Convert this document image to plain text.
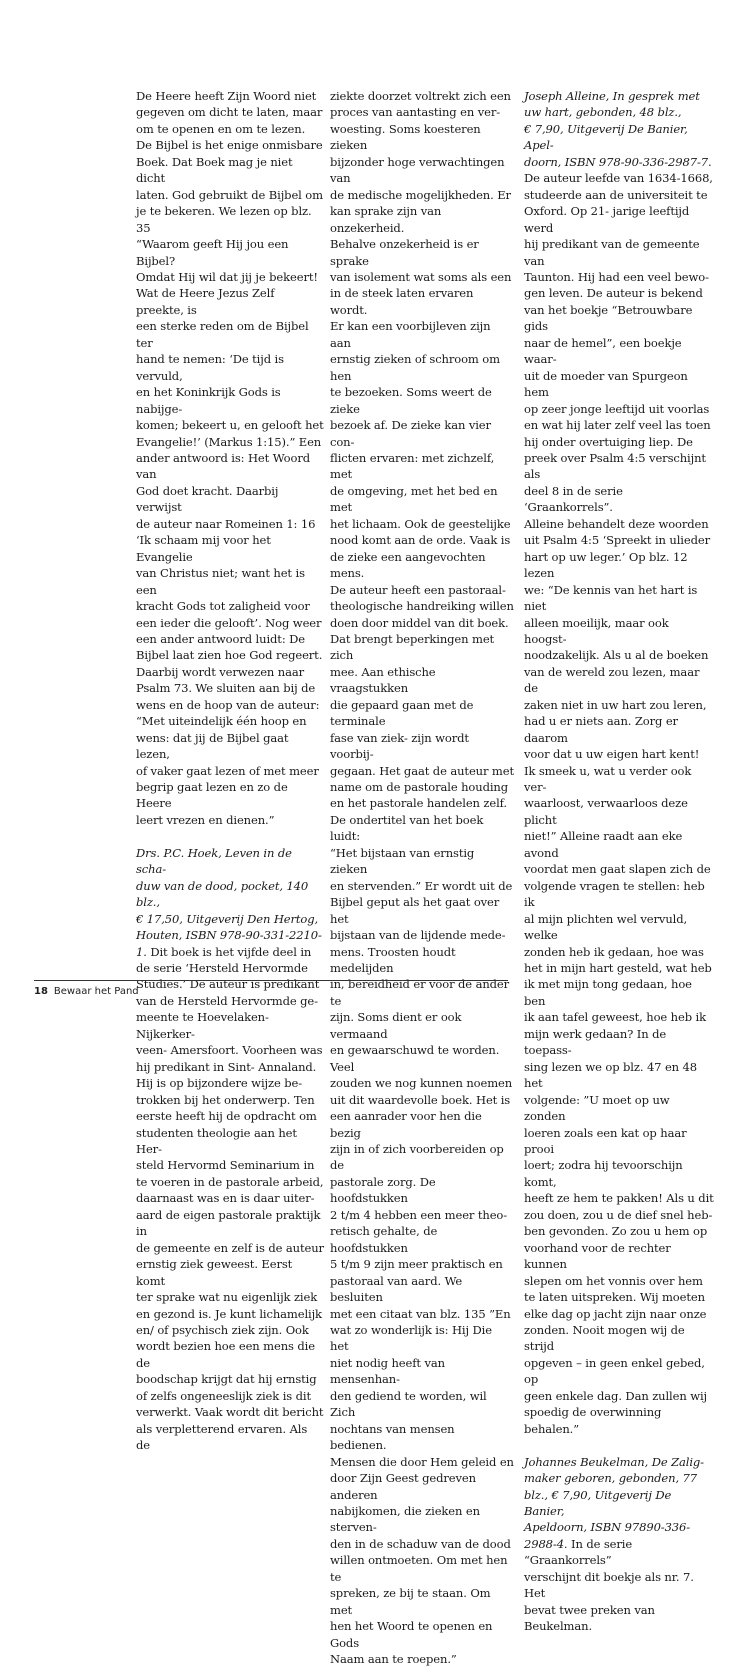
De Heere heeft Zijn Woord niet
gegeven om dicht te laten, maar
om te openen en om te lezen.
De Bijbel is het enige onmisbare
Boek. Dat Boek mag je niet dicht
laten. God gebruikt de Bijbel om
je te bekeren. We lezen op blz. 35
“Waarom geeft Hij jou een Bijbel?
Omdat Hij wil dat jij je bekeert!
Wat de Heere Jezus Zelf preekte, is
een sterke reden om de Bijbel ter
hand te nemen: ‘De tijd is vervuld,
en het Koninkrijk Gods is nabijge-
komen; bekeert u, en gelooft het
Evangelie!’ (Markus 1:15).” Een
ander antwoord is: Het Woord van
God doet kracht. Daarbij verwijst
de auteur naar Romeinen 1: 16
‘Ik schaam mij voor het Evangelie
van Christus niet; want het is een
kracht Gods tot zaligheid voor
een ieder die gelooft’. Nog weer
een ander antwoord luidt: De
Bijbel laat zien hoe God regeert.
Daarbij wordt verwezen naar
Psalm 73. We sluiten aan bij de
wens en de hoop van de auteur:
“Met uiteindelijk één hoop en
wens: dat jij de Bijbel gaat lezen,
of vaker gaat lezen of met meer
begrip gaat lezen en zo de Heere
leert vrezen en dienen.”

Drs. P.C. Hoek, Leven in de scha-
duw van de dood, pocket, 140 blz.,
€ 17,50, Uitgeverij Den Hertog,
Houten, ISBN 978-90-331-2210-
1. Dit boek is het vijfde deel in
de serie ‘Hersteld Hervormde
Studies.’ De auteur is predikant
van de Hersteld Hervormde ge-
meente te Hoevelaken- Nijkerker-
veen- Amersfoort. Voorheen was
hij predikant in Sint- Annaland.
Hij is op bijzondere wijze be-
trokken bij het onderwerp. Ten
eerste heeft hij de opdracht om
studenten theologie aan het Her-
steld Hervormd Seminarium in
te voeren in de pastorale arbeid,
daarnaast was en is daar uiter-
aard de eigen pastorale praktijk in
de gemeente en zelf is de auteur
ernstig ziek geweest. Eerst komt
ter sprake wat nu eigenlijk ziek
en gezond is. Je kunt lichamelijk
en/ of psychisch ziek zijn. Ook
wordt bezien hoe een mens die de
boodschap krijgt dat hij ernstig
of zelfs ongeneeslijk ziek is dit
verwerkt. Vaak wordt dit bericht
als verpletterend ervaren. Als de

ziekte doorzet voltrekt zich een
proces van aantasting en ver-
woesting. Soms koesteren zieken
bijzonder hoge verwachtingen van
de medische mogelijkheden. Er
kan sprake zijn van onzekerheid.
Behalve onzekerheid is er sprake
van isolement wat soms als een
in de steek laten ervaren wordt.
Er kan een voorbijleven zijn aan
ernstig zieken of schroom om hen
te bezoeken. Soms weert de zieke
bezoek af. De zieke kan vier con-
flicten ervaren: met zichzelf, met
de omgeving, met het bed en met
het lichaam. Ook de geestelijke
nood komt aan de orde. Vaak is
de zieke een aangevochten mens.
De auteur heeft een pastoraal-
theologische handreiking willen
doen door middel van dit boek.
Dat brengt beperkingen met zich
mee. Aan ethische vraagstukken
die gepaard gaan met de terminale
fase van ziek- zijn wordt voorbij-
gegaan. Het gaat de auteur met
name om de pastorale houding
en het pastorale handelen zelf.
De ondertitel van het boek luidt:
“Het bijstaan van ernstig zieken
en stervenden.” Er wordt uit de
Bijbel geput als het gaat over het
bijstaan van de lijdende mede-
mens. Troosten houdt medelijden
in, bereidheid er voor de ander te
zijn. Soms dient er ook vermaand
en gewaarschuwd te worden. Veel
zouden we nog kunnen noemen
uit dit waardevolle boek. Het is
een aanrader voor hen die bezig
zijn in of zich voorbereiden op de
pastorale zorg. De hoofdstukken
2 t/m 4 hebben een meer theo-
retisch gehalte, de hoofdstukken
5 t/m 9 zijn meer praktisch en
pastoraal van aard. We besluiten
met een citaat van blz. 135 ”En
wat zo wonderlijk is: Hij Die het
niet nodig heeft van mensenhan-
den gediend te worden, wil Zich
nochtans van mensen bedienen.
Mensen die door Hem geleid en
door Zijn Geest gedreven anderen
nabijkomen, die zieken en sterven-
den in de schaduw van de dood
willen ontmoeten. Om met hen te
spreken, ze bij te staan. Om met
hen het Woord te openen en Gods
Naam aan te roepen.”

Joseph Alleine, In gesprek met
uw hart, gebonden, 48 blz.,
€ 7,90, Uitgeverij De Banier, Apel-
doorn, ISBN 978-90-336-2987-7.
De auteur leefde van 1634-1668,
studeerde aan de universiteit te
Oxford. Op 21- jarige leeftijd werd
hij predikant van de gemeente van
Taunton. Hij had een veel bewo-
gen leven. De auteur is bekend
van het boekje “Betrouwbare gids
naar de hemel”, een boekje waar-
uit de moeder van Spurgeon hem
op zeer jonge leeftijd uit voorlas
en wat hij later zelf veel las toen
hij onder overtuiging liep. De
preek over Psalm 4:5 verschijnt als
deel 8 in de serie ‘Graankorrels”.
Alleine behandelt deze woorden
uit Psalm 4:5 ‘Spreekt in ulieder
hart op uw leger.’ Op blz. 12 lezen
we: “De kennis van het hart is niet
alleen moeilijk, maar ook hoogst-
noodzakelijk. Als u al de boeken
van de wereld zou lezen, maar de
zaken niet in uw hart zou leren,
had u er niets aan. Zorg er daarom
voor dat u uw eigen hart kent!
Ik smeek u, wat u verder ook ver-
waarloost, verwaarloos deze plicht
niet!” Alleine raadt aan eke avond
voordat men gaat slapen zich de
volgende vragen te stellen: heb ik
al mijn plichten wel vervuld, welke
zonden heb ik gedaan, hoe was
het in mijn hart gesteld, wat heb
ik met mijn tong gedaan, hoe ben
ik aan tafel geweest, hoe heb ik
mijn werk gedaan? In de toepass-
sing lezen we op blz. 47 en 48 het
volgende: ”U moet op uw zonden
loeren zoals een kat op haar prooi
loert; zodra hij tevoorschijn komt,
heeft ze hem te pakken! Als u dit
zou doen, zou u de dief snel heb-
ben gevonden. Zo zou u hem op
voorhand voor de rechter kunnen
slepen om het vonnis over hem
te laten uitspreken. Wij moeten
elke dag op jacht zijn naar onze
zonden. Nooit mogen wij de strijd
opgeven – in geen enkel gebed, op
geen enkele dag. Dan zullen wij
spoedig de overwinning behalen.”

Johannes Beukelman, De Zalig-
maker geboren, gebonden, 77
blz., € 7,90, Uitgeverij De Banier,
Apeldoorn, ISBN 97890-336-
2988-4. In de serie “Graankorrels”
verschijnt dit boekje als nr. 7. Het
bevat twee preken van Beukelman.

18 Bewaar het Pand
